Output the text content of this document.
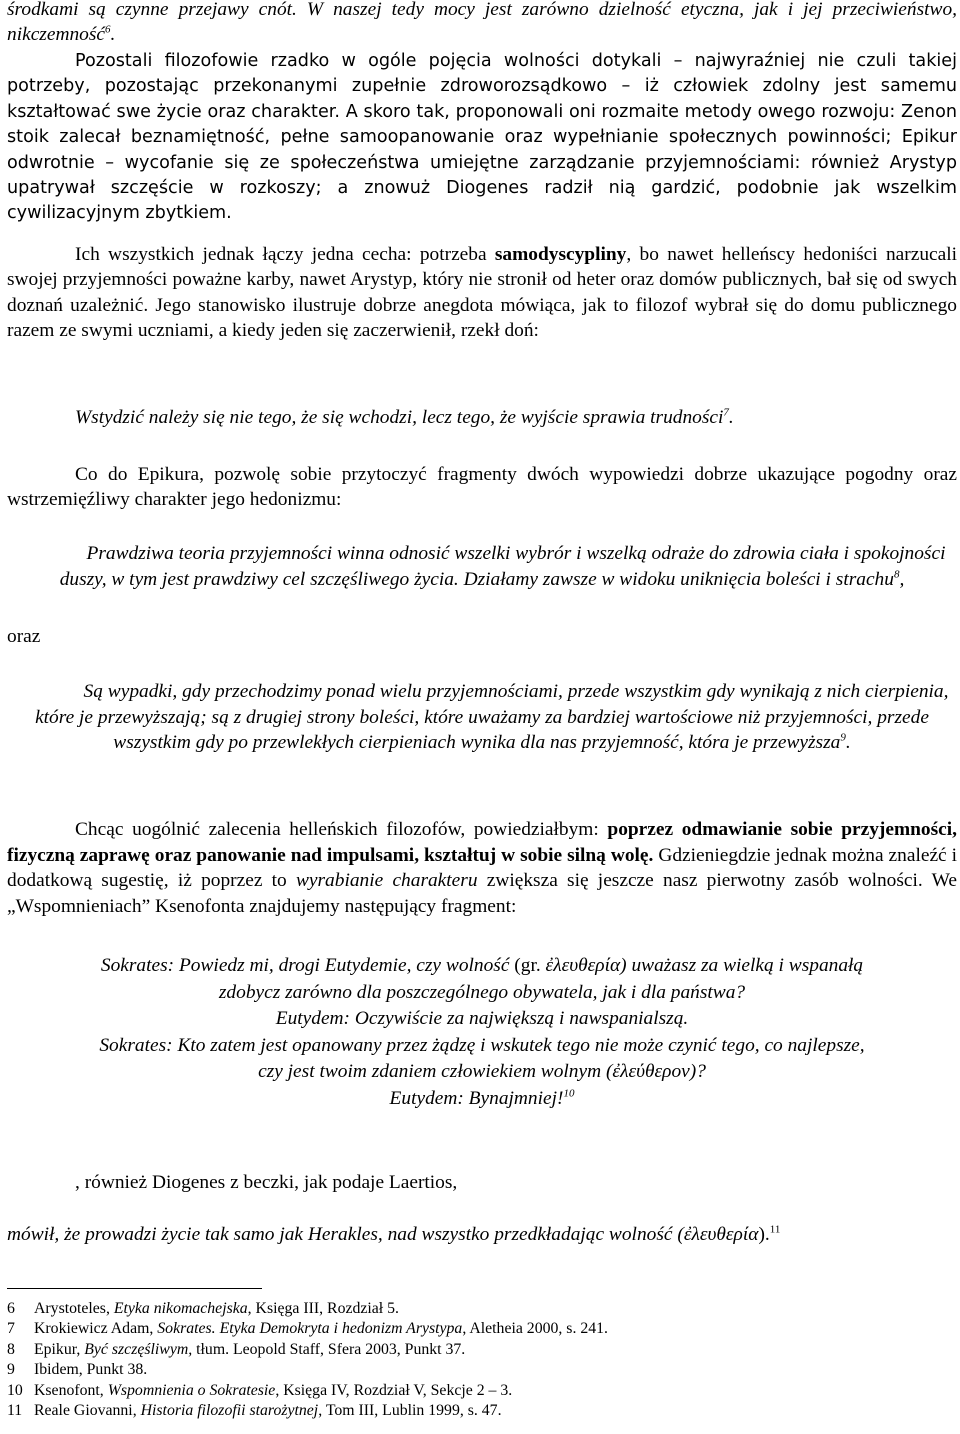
środkami są czynne przejawy cnót. W naszej tedy mocy jest zarówno dzielność etyczna, jak i jej przeciwieństwo, nikczemność$^6$.

Pozostali filozofowie rzadko w ogóle pojęcia wolności dotykali – najwyraźniej nie czuli takiej potrzeby, pozostając przekonanymi zupełnie zdroworozsądkowo – iż człowiek zdolny jest samemu kształtować swe życie oraz charakter. A skoro tak, proponowali oni rozmaite metody owego rozwoju: Zenon stoik zalecał beznamiętność, pełne samoopanowanie oraz wypełnianie społecznych powinności; Epikur odwrotnie – wycofanie się ze społeczeństwa umiejętne zarządzanie przyjemnościami: również Arystyp upatrywał szczęście w rozkoszy; a znowuż Diogenes radził nią gardzić, podobnie jak wszelkim cywilizacyjnym zbytkiem.

Ich wszystkich jednak łączy jedna cecha: potrzeba samodyscypliny, bo nawet helleńscy hedoniści narzucali swojej przyjemności poważne karby, nawet Arystyp, który nie stronił od heter oraz domów publicznych, bał się od swych doznań uzależnić. Jego stanowisko ilustruje dobrze anegdota mówiąca, jak to filozof wybrał się do domu publicznego razem ze swymi uczniami, a kiedy jeden się zaczerwienił, rzekł doń:

Wstydzić należy się nie tego, że się wchodzi, lecz tego, że wyjście sprawia trudności$^7$.

Co do Epikura, pozwolę sobie przytoczyć fragmenty dwóch wypowiedzi dobrze ukazujące pogodny oraz wstrzemięźliwy charakter jego hedonizmu:

Prawdziwa teoria przyjemności winna odnosić wszelki wybrór i wszelką odraże do zdrowia ciała i spokojności duszy, w tym jest prawdziwy cel szczęśliwego życia. Działamy zawsze w widoku uniknięcia boleści i strachu$^8$,

oraz

Są wypadki, gdy przechodzimy ponad wielu przyjemnościami, przede wszystkim gdy wynikają z nich cierpienia, które je przewyższają; są z drugiej strony boleści, które uważamy za bardziej wartościowe niż przyjemności, przede wszystkim gdy po przewlekłych cierpieniach wynika dla nas przyjemność, która je przewyższa$^9$.

Chcąc uogólnić zalecenia helleńskich filozofów, powiedziałbym: poprzez odmawianie sobie przyjemności, fizyczną zaprawę oraz panowanie nad impulsami, kształtuj w sobie silną wolę. Gdzieniegdzie jednak można znaleźć i dodatkową sugestię, iż poprzez to wyrabianie charakteru zwiększa się jeszcze nasz pierwotny zasób wolności. We „Wspomnieniach” Ksenofonta znajdujemy następujący fragment:

Sokrates: Powiedz mi, drogi Eutydemie, czy wolność (gr. ἐλευθερία) uważasz za wielką i wspanałą
zdobycz zarówno dla poszczególnego obywatela, jak i dla państwa?
Eutydem: Oczywiście za największą i nawspanialszą.
Sokrates: Kto zatem jest opanowany przez żądzę i wskutek tego nie może czynić tego, co najlepsze,
czy jest twoim zdaniem człowiekiem wolnym (ἐλεύθερον)?
Eutydem: Bynajmniej!$^{10}$

, również Diogenes z beczki, jak podaje Laertios,

mówił, że prowadzi życie tak samo jak Herakles, nad wszystko przedkładając wolność (ἐλευθερία).$^{11}$

6 Arystoteles, Etyka nikomachejska, Księga III, Rozdział 5.
7 Krokiewicz Adam, Sokrates. Etyka Demokryta i hedonizm Arystypa, Aletheia 2000, s. 241.
8 Epikur, Być szczęśliwym, tłum. Leopold Staff, Sfera 2003, Punkt 37.
9 Ibidem, Punkt 38.
10 Ksenofont, Wspomnienia o Sokratesie, Księga IV, Rozdział V, Sekcje 2 – 3.
11 Reale Giovanni, Historia filozofii starożytnej, Tom III, Lublin 1999, s. 47.
